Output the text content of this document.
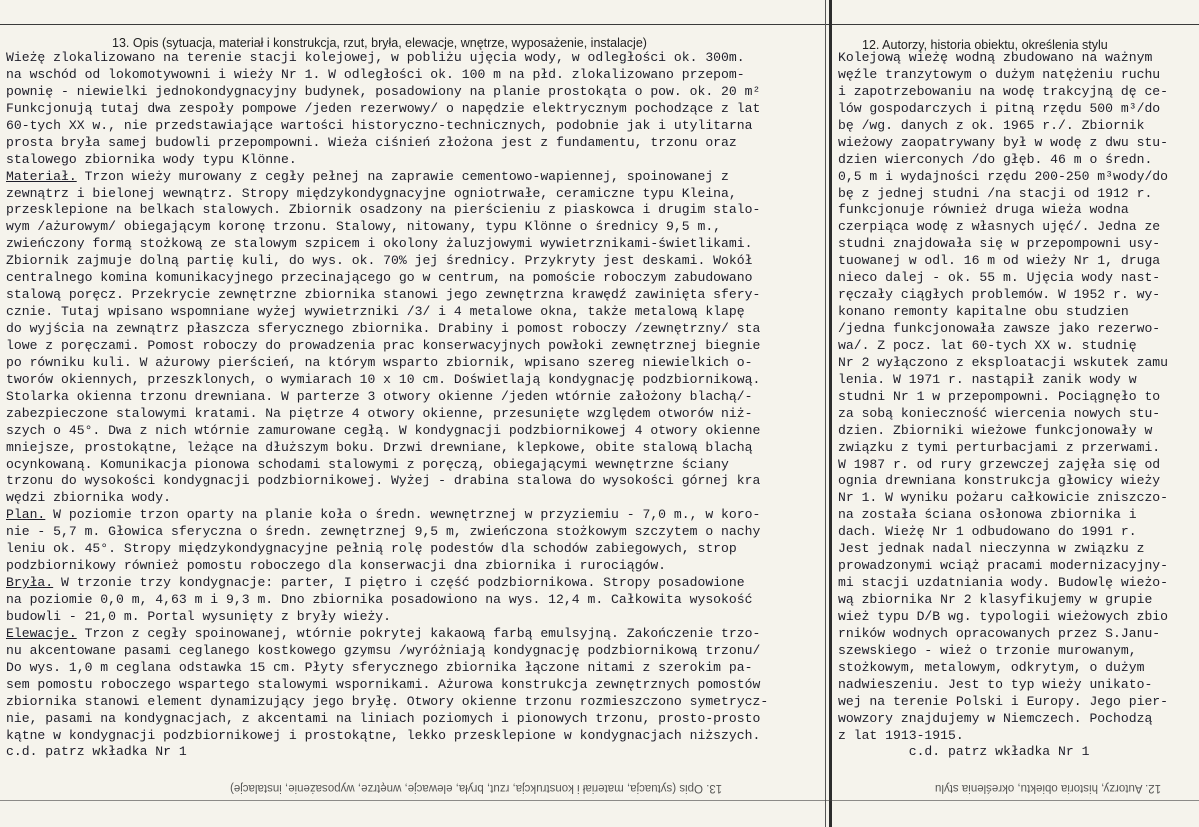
13. Opis (sytuacja, materiał i konstrukcja, rzut, bryła, elewacje, wnętrze, wyposażenie, instalacje)	12. Autorzy, historia obiektu, określenia stylu
Wieżę zlokalizowano na terenie stacji kolejowej, w pobliżu ujęcia wody, w odległości ok. 300m.
na wschód od lokomotywowni i wieży Nr 1. W odległości ok. 100 m na płd. zlokalizowano przepom-
pownię - niewielki jednokondygnacyjny budynek, posadowiony na planie prostokąta o pow. ok. 20 m²
Funkcjonują tutaj dwa zespoły pompowe /jeden rezerwowy/ o napędzie elektrycznym pochodzące z lat
60-tych XX w., nie przedstawiające wartości historyczno-technicznych, podobnie jak i utylitarna
prosta bryła samej budowli przepompowni. Wieża ciśnień złożona jest z fundamentu, trzonu oraz
stalowego zbiornika wody typu Klönne.
Materiał. Trzon wieży murowany z cegły pełnej na zaprawie cementowo-wapiennej, spoinowanej z
zewnątrz i bielonej wewnątrz. Stropy międzykondygnacyjne ogniotrwałe, ceramiczne typu Kleina,
przesklepione na belkach stalowych. Zbiornik osadzony na pierścieniu z piaskowca i drugim stalo-
wym /ażurowym/ obiegającym koronę trzonu. Stalowy, nitowany, typu Klönne o średnicy 9,5 m.,
zwieńczony formą stożkową ze stalowym szpicem i okolony żaluzjowymi wywietrznikami-świetlikami.
Zbiornik zajmuje dolną partię kuli, do wys. ok. 70% jej średnicy. Przykryty jest deskami. Wokół
centralnego komina komunikacyjnego przecinającego go w centrum, na pomoście roboczym zabudowano
stalową poręcz. Przekrycie zewnętrzne zbiornika stanowi jego zewnętrzna krawędź zawinięta sfery-
cznie. Tutaj wpisano wspomniane wyżej wywietrzniki /3/ i 4 metalowe okna, także metalową klapę
do wyjścia na zewnątrz płaszcza sferycznego zbiornika. Drabiny i pomost roboczy /zewnętrzny/ sta
lowe z poręczami. Pomost roboczy do prowadzenia prac konserwacyjnych powłoki zewnętrznej biegnie
po równiku kuli. W ażurowy pierścień, na którym wsparto zbiornik, wpisano szereg niewielkich o-
tworów okiennych, przeszklonych, o wymiarach 10 x 10 cm. Doświetlają kondygnację podzbiornikową.
Stolarka okienna trzonu drewniana. W parterze 3 otwory okienne /jeden wtórnie założony blachą/-
zabezpieczone stalowymi kratami. Na piętrze 4 otwory okienne, przesunięte względem otworów niż-
szych o 45°. Dwa z nich wtórnie zamurowane cegłą. W kondygnacji podzbiornikowej 4 otwory okienne
mniejsze, prostokątne, leżące na dłuższym boku. Drzwi drewniane, klepkowe, obite stalową blachą
ocynkowaną. Komunikacja pionowa schodami stalowymi z poręczą, obiegającymi wewnętrzne ściany
trzonu do wysokości kondygnacji podzbiornikowej. Wyżej - drabina stalowa do wysokości górnej kra
wędzi zbiornika wody.
Plan. W poziomie trzon oparty na planie koła o średn. wewnętrznej w przyziemiu - 7,0 m., w koro-
nie - 5,7 m. Głowica sferyczna o średn. zewnętrznej 9,5 m, zwieńczona stożkowym szczytem o nachy
leniu ok. 45°. Stropy międzykondygnacyjne pełnią rolę podestów dla schodów zabiegowych, strop
podzbiornikowy również pomostu roboczego dla konserwacji dna zbiornika i rurociągów.
Bryła. W trzonie trzy kondygnacje: parter, I piętro i część podzbiornikowa. Stropy posadowione
na poziomie 0,0 m, 4,63 m i 9,3 m. Dno zbiornika posadowiono na wys. 12,4 m. Całkowita wysokość
budowli - 21,0 m. Portal wysunięty z bryły wieży.
Elewacje. Trzon z cegły spoinowanej, wtórnie pokrytej kakaową farbą emulsyjną. Zakończenie trzo-
nu akcentowane pasami ceglanego kostkowego gzymsu /wyróżniają kondygnację podzbiornikową trzonu/
Do wys. 1,0 m ceglana odstawka 15 cm. Płyty sferycznego zbiornika łączone nitami z szerokim pa-
sem pomostu roboczego wspartego stalowymi wspornikami. Ażurowa konstrukcja zewnętrznych pomostów
zbiornika stanowi element dynamizujący jego bryłę. Otwory okienne trzonu rozmieszczono symetrycz-
nie, pasami na kondygnacjach, z akcentami na liniach poziomych i pionowych trzonu, prosto-prosto
kątne w kondygnacji podzbiornikowej i prostokątne, lekko przesklepione w kondygnacjach niższych.
c.d. patrz wkładka Nr 1
Kolejową wieżę wodną zbudowano na ważnym
węźle tranzytowym o dużym natężeniu ruchu
i zapotrzebowaniu na wodę trakcyjną dę ce-
lów gospodarczych i pitną rzędu 500 m³/do
bę /wg. danych z ok. 1965 r./. Zbiornik
wieżowy zaopatrywany był w wodę z dwu stu-
dzien wierconych /do głęb. 46 m o średn.
0,5 m i wydajności rzędu 200-250 m³wody/do
bę z jednej studni /na stacji od 1912 r.
funkcjonuje również druga wieża wodna
czerpiąca wodę z własnych ujęć/. Jedna ze
studni znajdowała się w przepompowni usy-
tuowanej w odl. 16 m od wieży Nr 1, druga
nieco dalej - ok. 55 m. Ujęcia wody nast-
ręczały ciągłych problemów. W 1952 r. wy-
konano remonty kapitalne obu studzien
/jedna funkcjonowała zawsze jako rezerwo-
wa/. Z pocz. lat 60-tych XX w. studnię
Nr 2 wyłączono z eksploatacji wskutek zamu
lenia. W 1971 r. nastąpił zanik wody w
studni Nr 1 w przepompowni. Pociągnęło to
za sobą konieczność wiercenia nowych stu-
dzien. Zbiorniki wieżowe funkcjonowały w
związku z tymi perturbacjami z przerwami.
W 1987 r. od rury grzewczej zajęła się od
ognia drewniana konstrukcja głowicy wieży
Nr 1. W wyniku pożaru całkowicie zniszczo-
na została ściana osłonowa zbiornika i
dach. Wieżę Nr 1 odbudowano do 1991 r.
Jest jednak nadal nieczynna w związku z
prowadzonymi wciąż pracami modernizacyjny-
mi stacji uzdatniania wody. Budowlę wieżo-
wą zbiornika Nr 2 klasyfikujemy w grupie
wież typu D/B wg. typologii wieżowych zbio
rników wodnych opracowanych przez S.Janu-
szewskiego - wież o trzonie murowanym,
stożkowym, metalowym, odkrytym, o dużym
nadwieszeniu. Jest to typ wieży unikato-
wej na terenie Polski i Europy. Jego pier-
wowzory znajdujemy w Niemczech. Pochodzą
z lat 1913-1915.
c.d. patrz wkładka Nr 1
13. Opis (sytuacja, materiał i konstrukcja, rzut, bryła, elewacje, wnętrze, wyposażenie, instalacje)	12. Autorzy, historia obiektu, określenia stylu
